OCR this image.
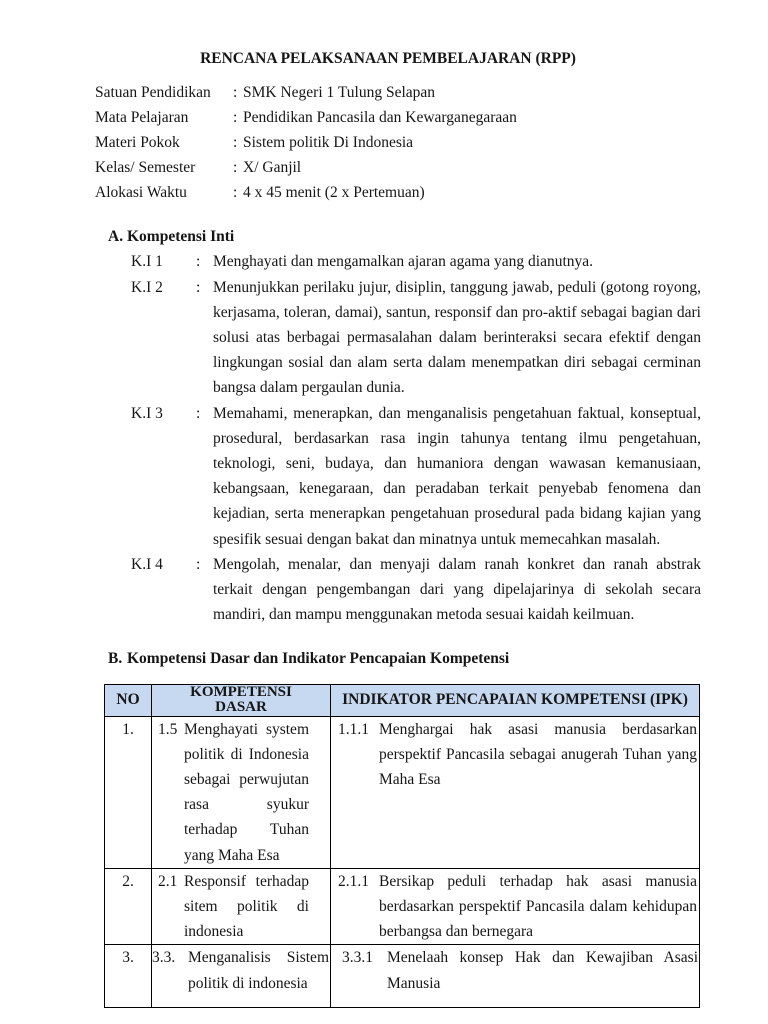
RENCANA PELAKSANAAN PEMBELAJARAN (RPP)
Satuan Pendidikan	: SMK Negeri 1 Tulung Selapan
Mata Pelajaran	: Pendidikan Pancasila dan Kewarganegaraan
Materi Pokok	: Sistem politik Di Indonesia
Kelas/ Semester	: X/ Ganjil
Alokasi Waktu	: 4 x 45 menit (2 x Pertemuan)
A. Kompetensi Inti
K.I 1	: Menghayati dan mengamalkan ajaran agama yang dianutnya.
K.I 2	: Menunjukkan perilaku jujur, disiplin, tanggung jawab, peduli (gotong royong, kerjasama, toleran, damai), santun, responsif dan pro-aktif sebagai bagian dari solusi atas berbagai permasalahan dalam berinteraksi secara efektif dengan lingkungan sosial dan alam serta dalam menempatkan diri sebagai cerminan bangsa dalam pergaulan dunia.
K.I 3	: Memahami, menerapkan, dan menganalisis pengetahuan faktual, konseptual, prosedural, berdasarkan rasa ingin tahunya tentang ilmu pengetahuan, teknologi, seni, budaya, dan humaniora dengan wawasan kemanusiaan, kebangsaan, kenegaraan, dan peradaban terkait penyebab fenomena dan kejadian, serta menerapkan pengetahuan prosedural pada bidang kajian yang spesifik sesuai dengan bakat dan minatnya untuk memecahkan masalah.
K.I 4	: Mengolah, menalar, dan menyaji dalam ranah konkret dan ranah abstrak terkait dengan pengembangan dari yang dipelajarinya di sekolah secara mandiri, dan mampu menggunakan metoda sesuai kaidah keilmuan.
B. Kompetensi Dasar dan Indikator Pencapaian Kompetensi
NO	KOMPETENSI DASAR	INDIKATOR PENCAPAIAN KOMPETENSI (IPK)
1.	1.5 Menghayati system politik di Indonesia sebagai perwujutan rasa syukur terhadap Tuhan yang Maha Esa	1.1.1 Menghargai hak asasi manusia berdasarkan perspektif Pancasila sebagai anugerah Tuhan yang Maha Esa

2.	2.1 Responsif terhadap sitem politik di indonesia	2.1.1 Bersikap peduli terhadap hak asasi manusia berdasarkan perspektif Pancasila dalam kehidupan berbangsa dan bernegara

3.	3.3. Menganalisis Sistem politik di indonesia	3.3.1 Menelaah konsep Hak dan Kewajiban Asasi Manusia
